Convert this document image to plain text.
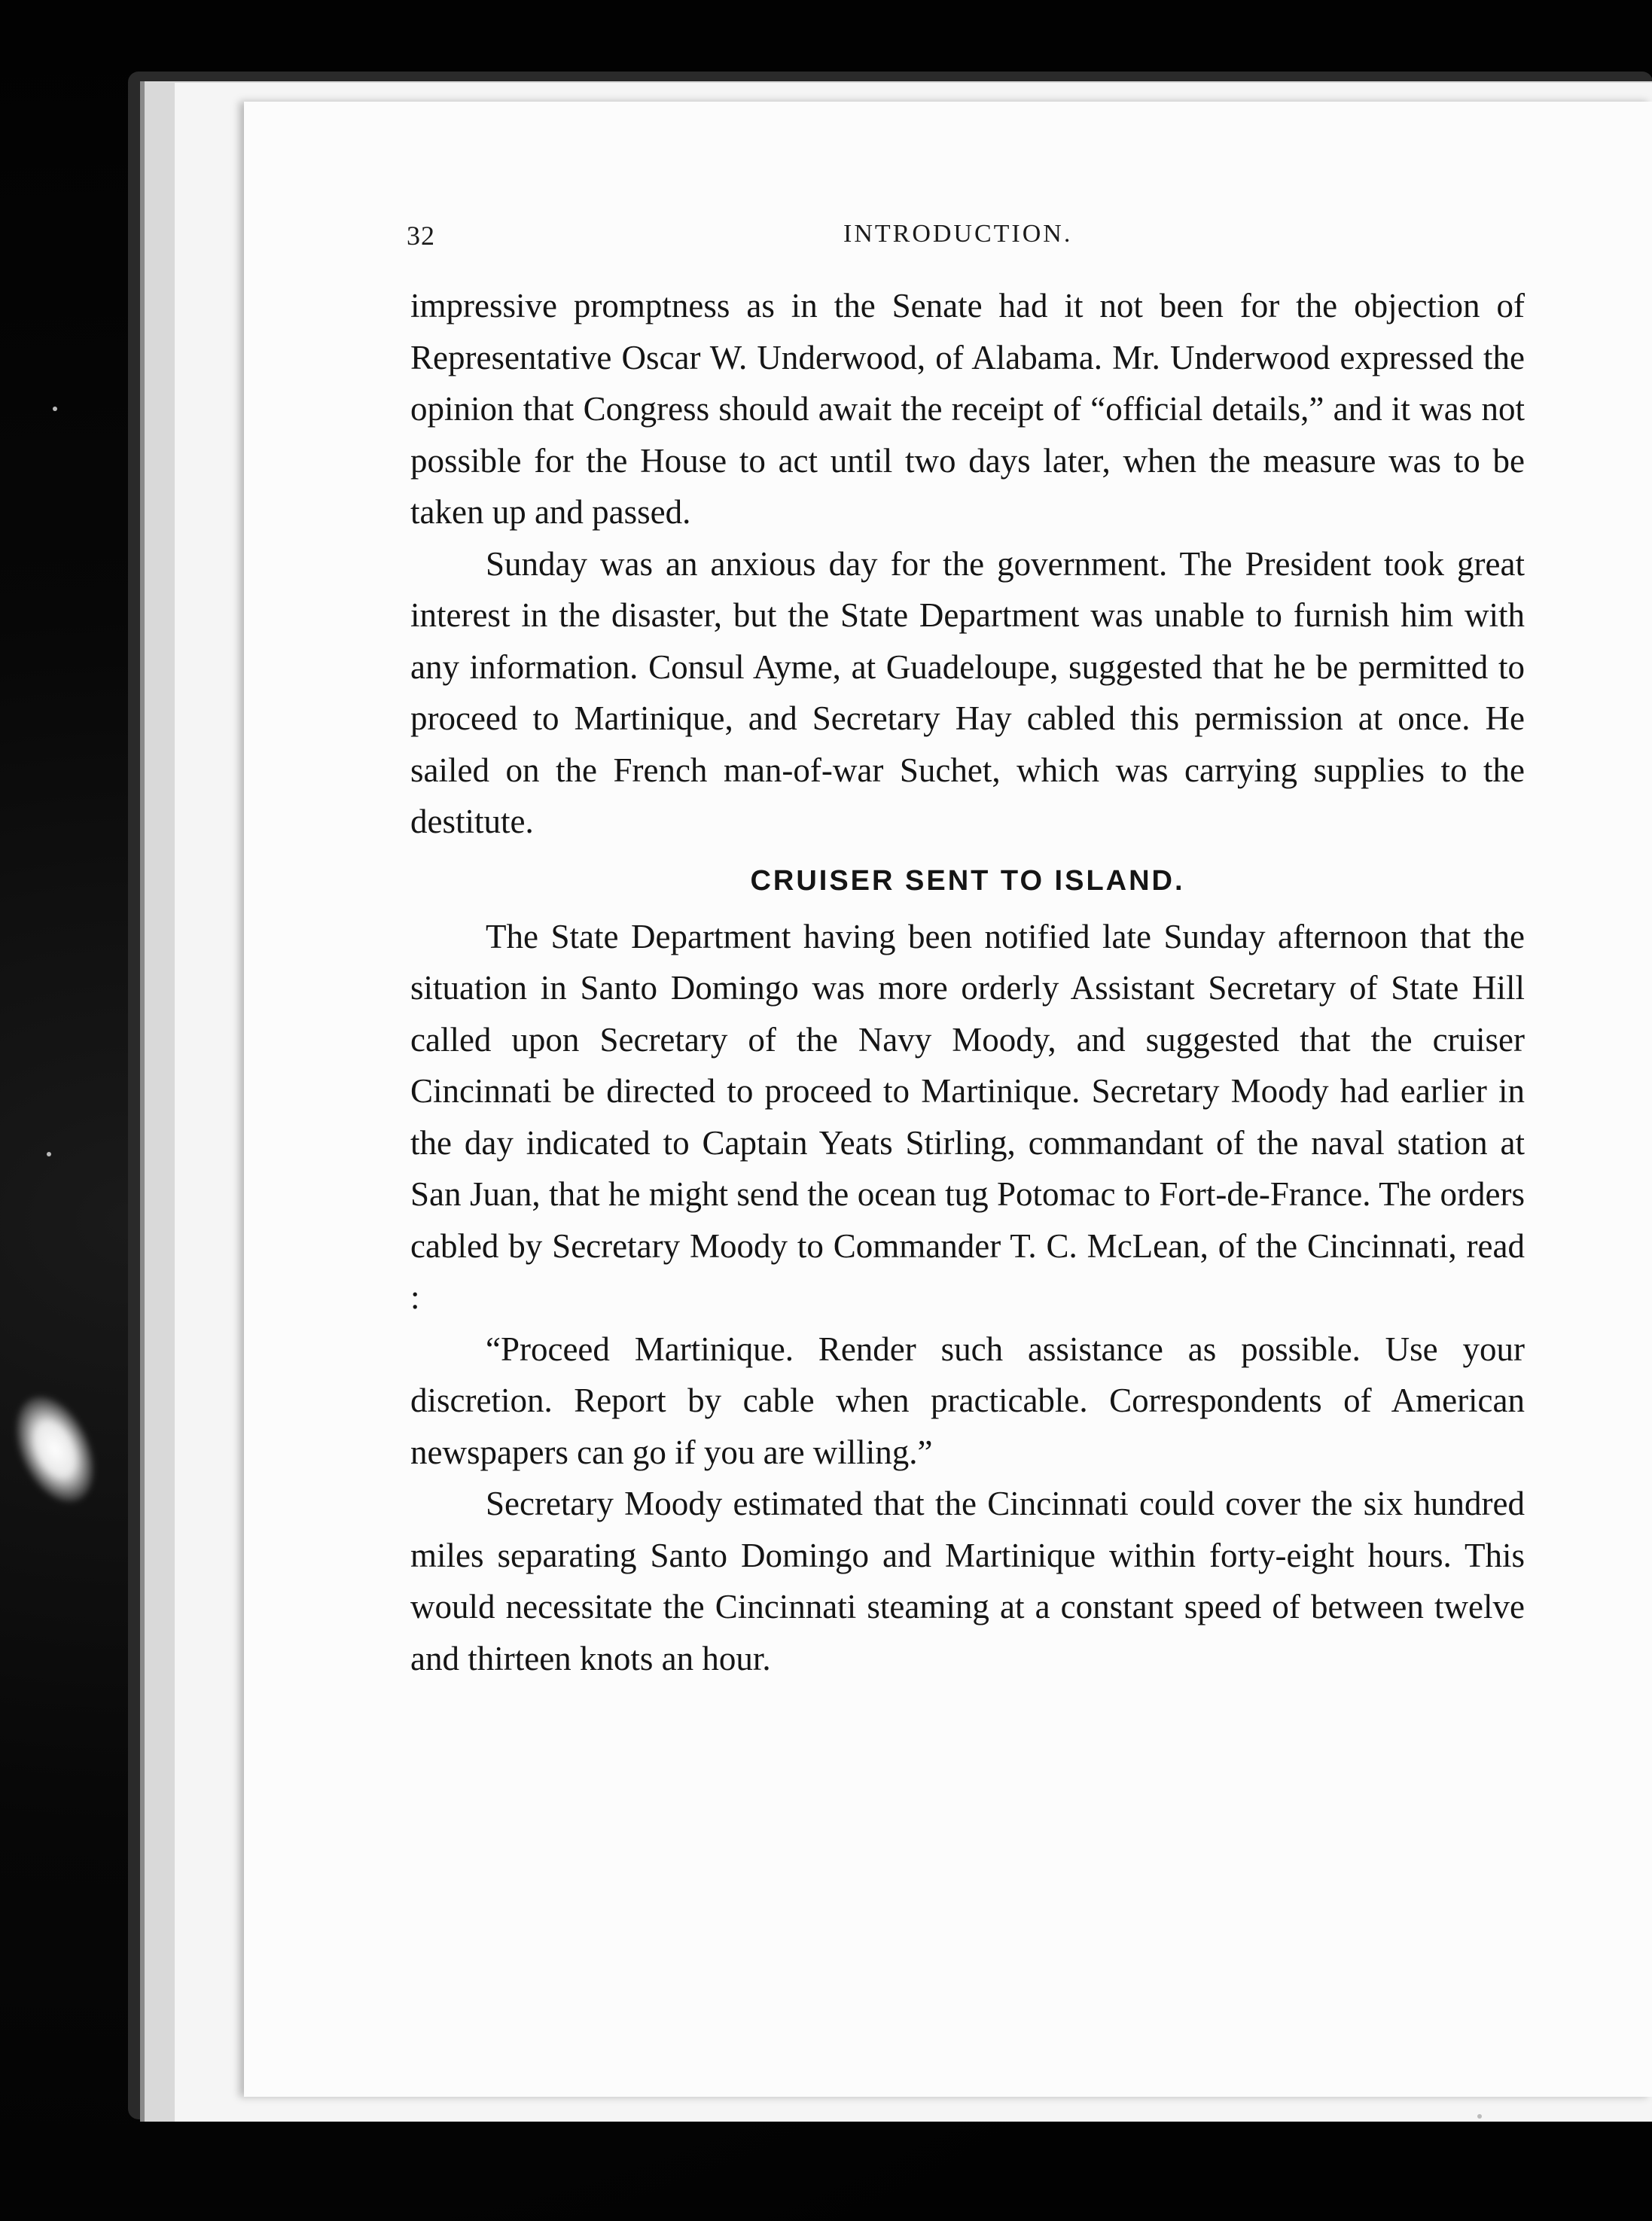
32	INTRODUCTION.

impressive promptness as in the Senate had it not been for the objection of Representative Oscar W. Underwood, of Alabama. Mr. Underwood expressed the opinion that Congress should await the receipt of “official details,” and it was not possible for the House to act until two days later, when the measure was to be taken up and passed.

Sunday was an anxious day for the government. The President took great interest in the disaster, but the State Department was unable to furnish him with any information. Consul Ayme, at Guadeloupe, suggested that he be permitted to proceed to Martinique, and Secretary Hay cabled this permission at once. He sailed on the French man-of-war Suchet, which was carrying supplies to the destitute.

CRUISER SENT TO ISLAND.

The State Department having been notified late Sunday afternoon that the situation in Santo Domingo was more orderly Assistant Secretary of State Hill called upon Secretary of the Navy Moody, and suggested that the cruiser Cincinnati be directed to proceed to Martinique. Secretary Moody had earlier in the day indicated to Captain Yeats Stirling, commandant of the naval station at San Juan, that he might send the ocean tug Potomac to Fort-de-France. The orders cabled by Secretary Moody to Commander T. C. McLean, of the Cincinnati, read :

“Proceed Martinique. Render such assistance as possible. Use your discretion. Report by cable when practicable. Correspondents of American newspapers can go if you are willing.”

Secretary Moody estimated that the Cincinnati could cover the six hundred miles separating Santo Domingo and Martinique within forty-eight hours. This would necessitate the Cincinnati steaming at a constant speed of between twelve and thirteen knots an hour.
